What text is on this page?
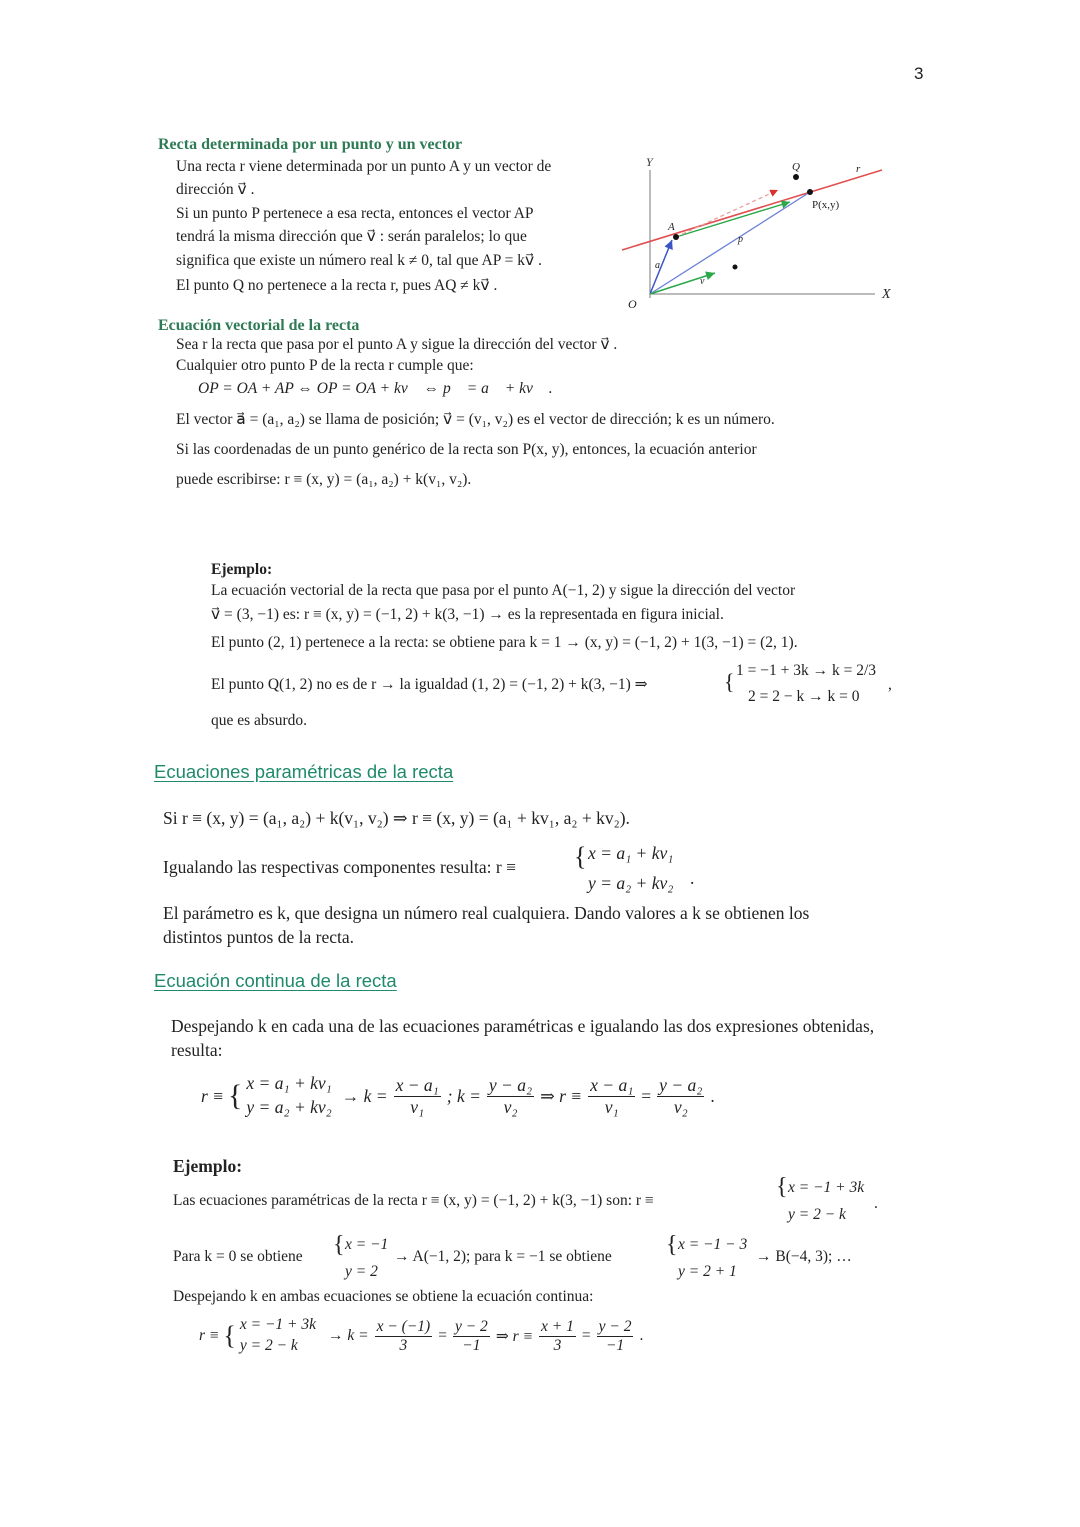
3
Recta determinada por un punto y un vector
Una recta r viene determinada por un punto A y un vector de
dirección v⃗ .
Si un punto P pertenece a esa recta, entonces el vector AP
tendrá la misma dirección que v⃗ : serán paralelos; lo que
significa que existe un número real k ≠ 0, tal que AP = kv⃗ .
El punto Q no pertenece a la recta r, pues AQ ≠ kv⃗ .
Y
X
O
Q	r
P(x,y)
A
a
p
v
Ecuación vectorial de la recta
Sea r la recta que pasa por el punto A y sigue la dirección del vector v⃗ .
Cualquier otro punto P de la recta r cumple que:
OP = OA + AP ⇔ OP = OA + kv⃗ ⇔ p⃗ = a⃗ + kv⃗ .
El vector a⃗ = (a₁, a₂) se llama de posición; v⃗ = (v₁, v₂) es el vector de dirección; k es un número.
Si las coordenadas de un punto genérico de la recta son P(x, y), entonces, la ecuación anterior
puede escribirse: r ≡ (x, y) = (a₁, a₂) + k(v₁, v₂).
Ejemplo:
La ecuación vectorial de la recta que pasa por el punto A(−1, 2) y sigue la dirección del vector
v⃗ = (3, −1) es: r ≡ (x, y) = (−1, 2) + k(3, −1) → es la representada en figura inicial.
El punto (2, 1) pertenece a la recta: se obtiene para k = 1 → (x, y) = (−1, 2) + 1(3, −1) = (2, 1).
El punto Q(1, 2) no es de r → la igualdad (1, 2) = (−1, 2) + k(3, −1) ⇒	{ 1 = −1 + 3k → k = 2/3
2 = 2 − k → k = 0
,
que es absurdo.
Ecuaciones paramétricas de la recta
Si r ≡ (x, y) = (a₁, a₂) + k(v₁, v₂) ⇒ r ≡ (x, y) = (a₁ + kv₁, a₂ + kv₂).
Igualando las respectivas componentes resulta: r ≡ { x = a₁ + kv₁
y = a₂ + kv₂ .
El parámetro es k, que designa un número real cualquiera. Dando valores a k se obtienen los
distintos puntos de la recta.
Ecuación continua de la recta
Despejando k en cada una de las ecuaciones paramétricas e igualando las dos expresiones obtenidas,
resulta:
r ≡ { x = a₁ + kv₁
y = a₂ + kv₂
→ $k = \frac{\text{x − a₁}}{\text{v₁}}$ ; $k = \frac{\text{y − a₂}}{\text{v₂}}$ ⇒ $r \equiv \frac{\text{x − a₁}}{\text{v₁}} = \frac{\text{y − a₂}}{\text{v₂}}$ .
Ejemplo:
Las ecuaciones paramétricas de la recta r ≡ (x, y) = (−1, 2) + k(3, −1) son: r ≡
{ x = −1 + 3k
y = 2 − k
.
Para k = 0 se obtiene { x = −1
y = 2
→ A(−1, 2); para k = −1 se obtiene { x = −1 − 3
y = 2 + 1
→ B(−4, 3); …
Despejando k en ambas ecuaciones se obtiene la ecuación continua:
r ≡ { x = −1 + 3k
y = 2 − k
→ $k = \frac{x - (-1)}{3} = \frac{y - 2}{-1}$ ⇒ $r \equiv \frac{x + 1}{3} = \frac{y - 2}{-1}$ .
